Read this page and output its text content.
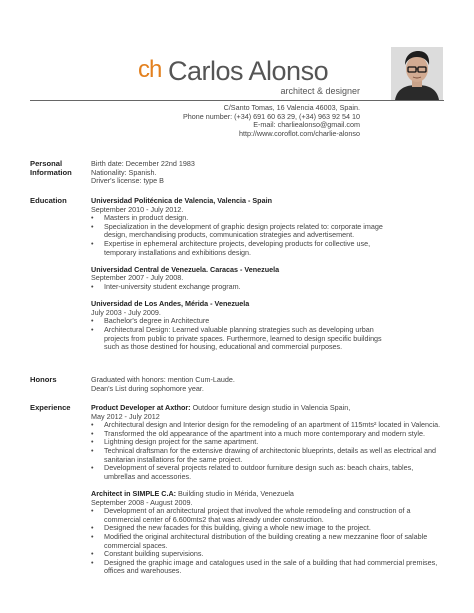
ch Carlos Alonso
architect & designer
C/Santo Tomas, 16 Valencia 46003, Spain.
Phone number: (+34) 691 60 63 29, (+34) 963 92 54 10
E-mail: charliealonso@gmail.com
http://www.coroflot.com/charlie-alonso
Personal
Information
Birth date: December 22nd 1983
Nationality: Spanish.
Driver's license: type B
Education	Universidad Politécnica de Valencia, Valencia - Spain
September 2010 - July 2012.
• Masters in product design.
• Specialization in the development of graphic design projects related to: corporate image
design, merchandising products, communication strategies and advertisement.
• Expertise in ephemeral architecture projects, developing products for collective use,
temporary installations and exhibitions design.
Universidad Central de Venezuela. Caracas - Venezuela
September 2007 - July 2008.
• Inter-university student exchange program.
Universidad de Los Andes, Mérida - Venezuela
July 2003 - July 2009.
• Bachelor's degree in Architecture
• Architectural Design: Learned valuable planning strategies such as developing urban
projects from public to private spaces. Furthermore, learned to design specific buildings
such as those destined for housing, educational and commercial purposes.
Honors	Graduated with honors: mention Cum-Laude.
Dean's List during sophomore year.
Experience	Product Developer at Axthor: Outdoor furniture design studio in Valencia Spain,
May 2012 - July 2012
• Architectural design and Interior design for the remodeling of an apartment of 115mts² located in Valencia.
• Transformed the old appearance of the apartment into a much more contemporary and modern style.
• Lightning design project for the same apartment.
• Technical draftsman for the extensive drawing of architectonic blueprints, details as well as electrical and
sanitarian installations for the same project.
• Development of several projects related to outdoor furniture design such as: beach chairs, tables,
umbrellas and accessories.
Architect in SIMPLE C.A: Building studio in Mérida, Venezuela
September 2008 - August 2009.
• Development of an architectural project that involved the whole remodeling and construction of a
commercial center of 6.600mts2 that was already under construction.
• Designed the new facades for this building, giving a whole new image to the project.
• Modified the original architectural distribution of the building creating a new mezzanine floor of salable
commercial spaces.
• Constant building supervisions.
• Designed the graphic image and catalogues used in the sale of a building that had commercial premises,
offices and warehouses.
